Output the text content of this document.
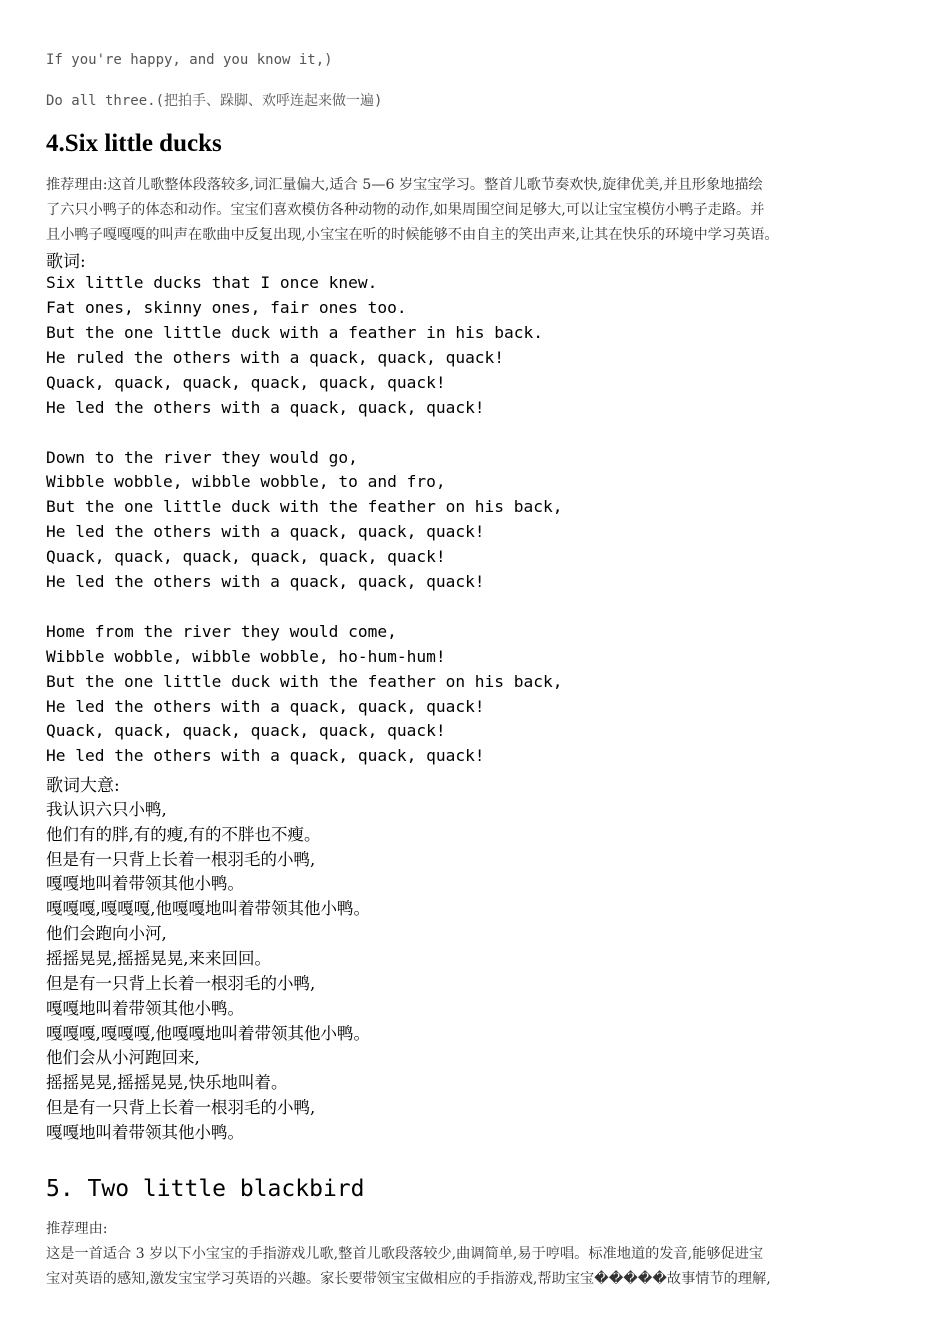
If you're happy, and you know it,)
Do all three.(把拍手、跺脚、欢呼连起来做一遍)
4.Six little ducks
推荐理由:这首儿歌整体段落较多,词汇量偏大,适合 5—6 岁宝宝学习。整首儿歌节奏欢快,旋律优美,并且形象地描绘
了六只小鸭子的体态和动作。宝宝们喜欢模仿各种动物的动作,如果周围空间足够大,可以让宝宝模仿小鸭子走路。并
且小鸭子嘎嘎嘎的叫声在歌曲中反复出现,小宝宝在听的时候能够不由自主的笑出声来,让其在快乐的环境中学习英语。
歌词:
Six little ducks that I once knew.
Fat ones, skinny ones, fair ones too.
But the one little duck with a feather in his back.
He ruled the others with a quack, quack, quack!
Quack, quack, quack, quack, quack, quack!
He led the others with a quack, quack, quack!
Down to the river they would go,
Wibble wobble, wibble wobble, to and fro,
But the one little duck with the feather on his back,
He led the others with a quack, quack, quack!
Quack, quack, quack, quack, quack, quack!
He led the others with a quack, quack, quack!
Home from the river they would come,
Wibble wobble, wibble wobble, ho-hum-hum!
But the one little duck with the feather on his back,
He led the others with a quack, quack, quack!
Quack, quack, quack, quack, quack, quack!
He led the others with a quack, quack, quack!
歌词大意:
我认识六只小鸭,
他们有的胖,有的瘦,有的不胖也不瘦。
但是有一只背上长着一根羽毛的小鸭,
嘎嘎地叫着带领其他小鸭。
嘎嘎嘎,嘎嘎嘎,他嘎嘎地叫着带领其他小鸭。
他们会跑向小河,
摇摇晃晃,摇摇晃晃,来来回回。
但是有一只背上长着一根羽毛的小鸭,
嘎嘎地叫着带领其他小鸭。
嘎嘎嘎,嘎嘎嘎,他嘎嘎地叫着带领其他小鸭。
他们会从小河跑回来,
摇摇晃晃,摇摇晃晃,快乐地叫着。
但是有一只背上长着一根羽毛的小鸭,
嘎嘎地叫着带领其他小鸭。
5. Two little blackbird
推荐理由:
这是一首适合 3 岁以下小宝宝的手指游戏儿歌,整首儿歌段落较少,曲调简单,易于哼唱。标准地道的发音,能够促进宝
宝对英语的感知,激发宝宝学习英语的兴趣。家长要带领宝宝做相应的手指游戏,帮助宝宝�����故事情节的理解,
